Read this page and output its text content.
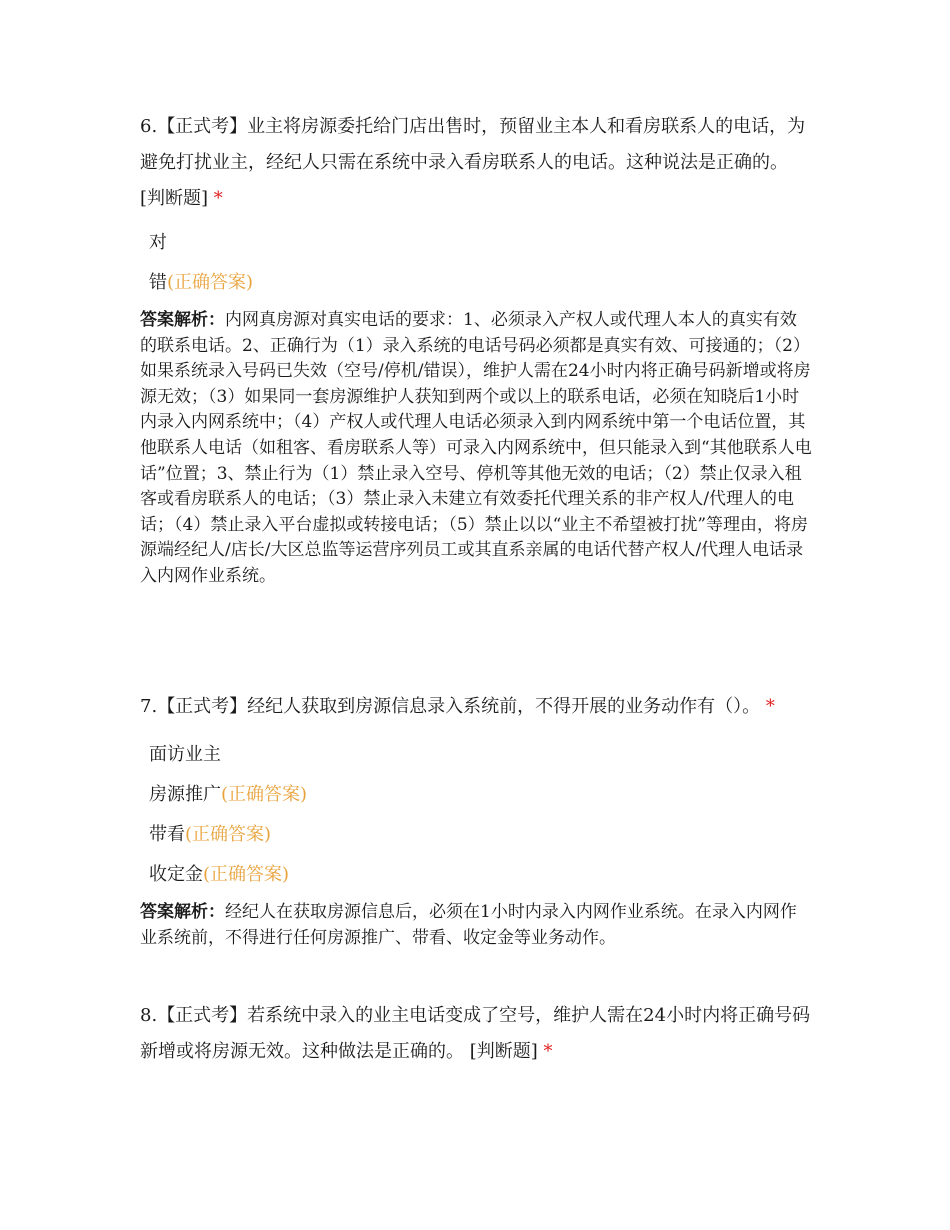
6.【正式考】业主将房源委托给门店出售时，预留业主本人和看房联系人的电话，为避免打扰业主，经纪人只需在系统中录入看房联系人的电话。这种说法是正确的。 [判断题] *

对
错(正确答案)

答案解析：内网真房源对真实电话的要求：1、必须录入产权人或代理人本人的真实有效的联系电话。2、正确行为（1）录入系统的电话号码必须都是真实有效、可接通的；（2）如果系统录入号码已失效（空号/停机/错误），维护人需在24小时内将正确号码新增或将房源无效；（3）如果同一套房源维护人获知到两个或以上的联系电话，必须在知晓后1小时内录入内网系统中；（4）产权人或代理人电话必须录入到内网系统中第一个电话位置，其他联系人电话（如租客、看房联系人等）可录入内网系统中，但只能录入到“其他联系人电话”位置；3、禁止行为（1）禁止录入空号、停机等其他无效的电话；（2）禁止仅录入租客或看房联系人的电话；（3）禁止录入未建立有效委托代理关系的非产权人/代理人的电话；（4）禁止录入平台虚拟或转接电话；（5）禁止以以“业主不希望被打扰”等理由，将房源端经纪人/店长/大区总监等运营序列员工或其直系亲属的电话代替产权人/代理人电话录入内网作业系统。

7.【正式考】经纪人获取到房源信息录入系统前，不得开展的业务动作有（）。 *

面访业主
房源推广(正确答案)
带看(正确答案)
收定金(正确答案)

答案解析：经纪人在获取房源信息后，必须在1小时内录入内网作业系统。在录入内网作业系统前，不得进行任何房源推广、带看、收定金等业务动作。

8.【正式考】若系统中录入的业主电话变成了空号，维护人需在24小时内将正确号码新增或将房源无效。这种做法是正确的。 [判断题] *
